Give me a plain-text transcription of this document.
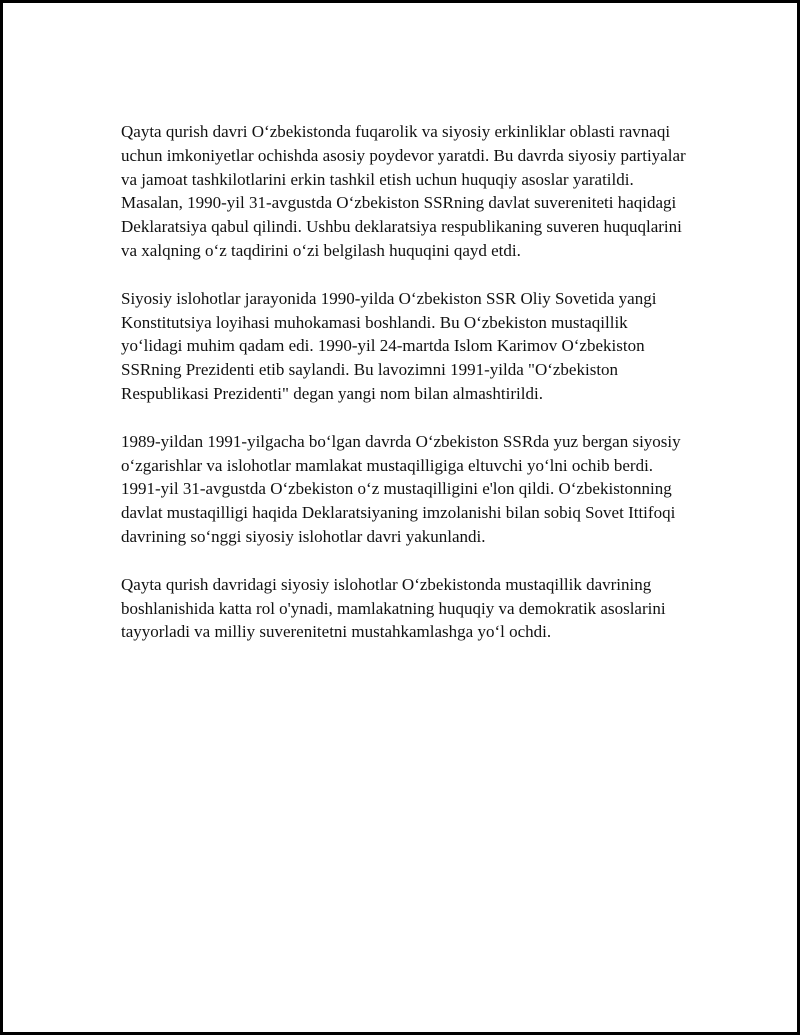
Qayta qurish davri O‘zbekistonda fuqarolik va siyosiy erkinliklar oblasti ravnaqi uchun imkoniyetlar ochishda asosiy poydevor yaratdi. Bu davrda siyosiy partiyalar va jamoat tashkilotlarini erkin tashkil etish uchun huquqiy asoslar yaratildi. Masalan, 1990-yil 31-avgustda O‘zbekiston SSRning davlat suvereniteti haqidagi Deklaratsiya qabul qilindi. Ushbu deklaratsiya respublikaning suveren huquqlarini va xalqning o‘z taqdirini o‘zi belgilash huquqini qayd etdi.

Siyosiy islohotlar jarayonida 1990-yilda O‘zbekiston SSR Oliy Sovetida yangi Konstitutsiya loyihasi muhokamasi boshlandi. Bu O‘zbekiston mustaqillik yo‘lidagi muhim qadam edi. 1990-yil 24-martda Islom Karimov O‘zbekiston SSRning Prezidenti etib saylandi. Bu lavozimni 1991-yilda "O‘zbekiston Respublikasi Prezidenti" degan yangi nom bilan almashtirildi.

1989-yildan 1991-yilgacha bo‘lgan davrda O‘zbekiston SSRda yuz bergan siyosiy o‘zgarishlar va islohotlar mamlakat mustaqilligiga eltuvchi yo‘lni ochib berdi. 1991-yil 31-avgustda O‘zbekiston o‘z mustaqilligini e'lon qildi. O‘zbekistonning davlat mustaqilligi haqida Deklaratsiyaning imzolanishi bilan sobiq Sovet Ittifoqi davrining so‘nggi siyosiy islohotlar davri yakunlandi.

Qayta qurish davridagi siyosiy islohotlar O‘zbekistonda mustaqillik davrining boshlanishida katta rol o'ynadi, mamlakatning huquqiy va demokratik asoslarini tayyorladi va milliy suverenitetni mustahkamlashga yo‘l ochdi.
